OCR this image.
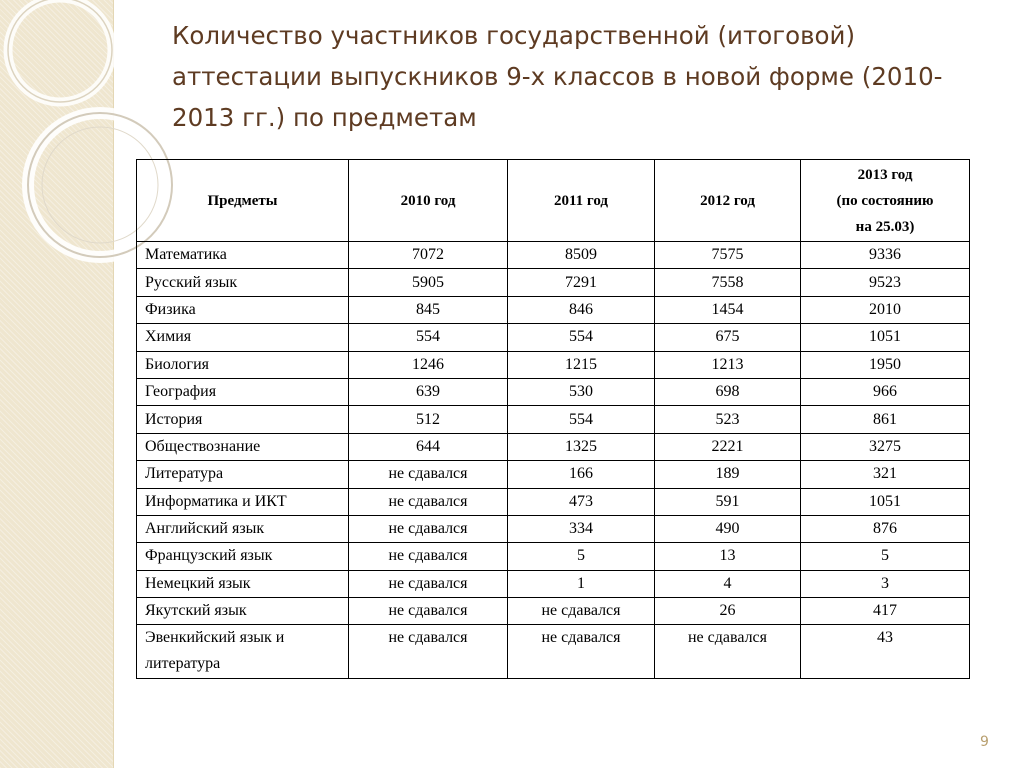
Количество участников государственной (итоговой) аттестации выпускников 9-х классов в новой форме (2010-2013 гг.) по предметам
Предметы	2010 год	2011 год	2012 год	2013 год
(по состоянию
на 25.03)
Математика	7072	8509	7575	9336
Русский язык	5905	7291	7558	9523
Физика	845	846	1454	2010
Химия	554	554	675	1051
Биология	1246	1215	1213	1950
География	639	530	698	966
История	512	554	523	861
Обществознание	644	1325	2221	3275
Литература	не сдавался	166	189	321
Информатика и ИКТ	не сдавался	473	591	1051
Английский язык	не сдавался	334	490	876
Французский язык	не сдавался	5	13	5
Немецкий язык	не сдавался	1	4	3
Якутский язык	не сдавался	не сдавался	26	417
Эвенкийский язык и литература	не сдавался	не сдавался	не сдавался	43
9
